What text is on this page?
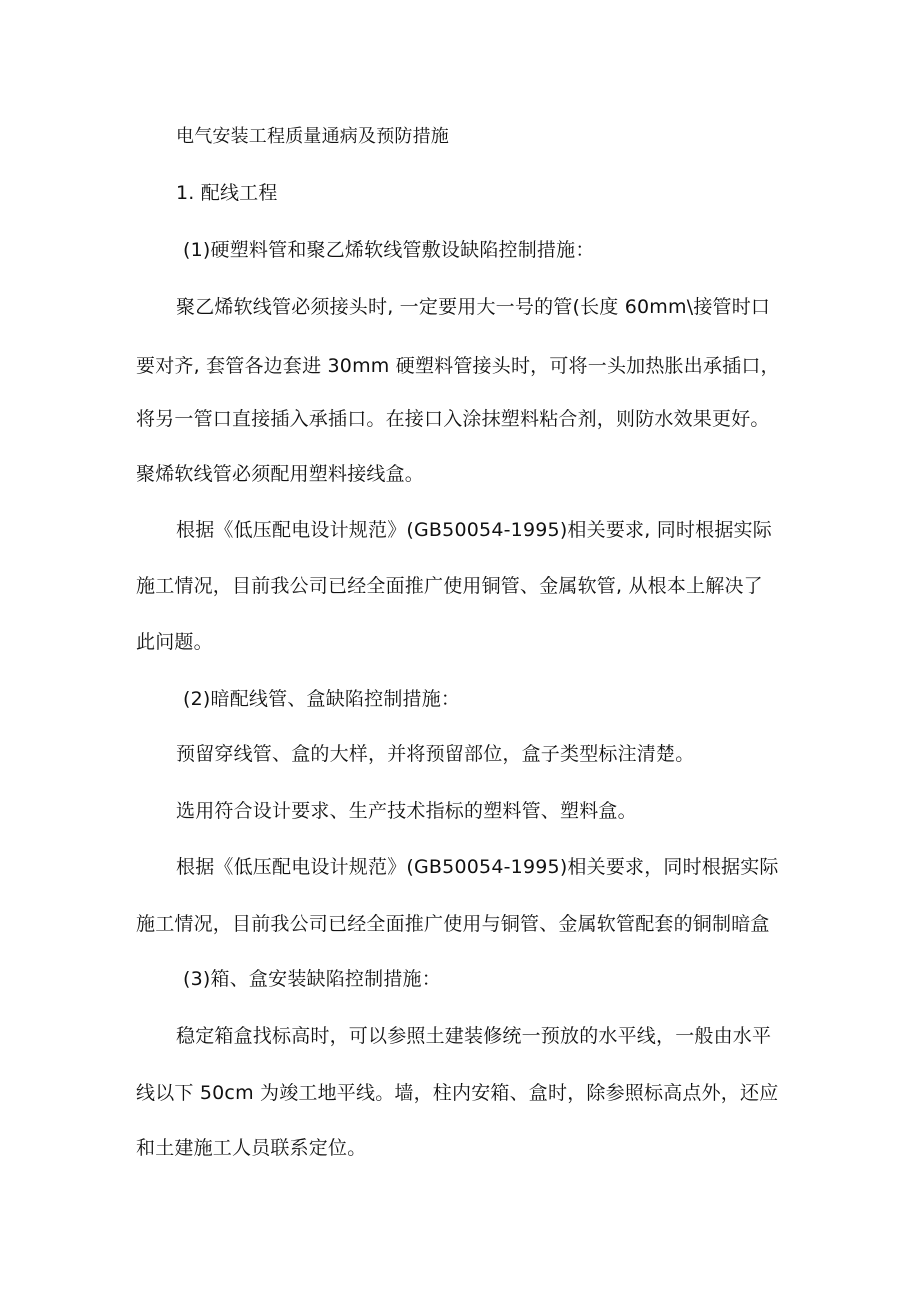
电气安装工程质量通病及预防措施
1. 配线工程
(1)硬塑料管和聚乙烯软线管敷设缺陷控制措施：
聚乙烯软线管必须接头时, 一定要用大一号的管(长度 60mm\接管时口
要对齐, 套管各边套进 30mm 硬塑料管接头时，可将一头加热胀出承插口，
将另一管口直接插入承插口。在接口入涂抹塑料粘合剂，则防水效果更好。
聚烯软线管必须配用塑料接线盒。
根据《低压配电设计规范》(GB50054-1995)相关要求, 同时根据实际
施工情况，目前我公司已经全面推广使用铜管、金属软管, 从根本上解决了
此问题。
(2)暗配线管、盒缺陷控制措施：
预留穿线管、盒的大样，并将预留部位，盒子类型标注清楚。
选用符合设计要求、生产技术指标的塑料管、塑料盒。
根据《低压配电设计规范》(GB50054-1995)相关要求，同时根据实际
施工情况，目前我公司已经全面推广使用与铜管、金属软管配套的铜制暗盒
(3)箱、盒安装缺陷控制措施：
稳定箱盒找标高时，可以参照土建装修统一预放的水平线，一般由水平
线以下 50cm 为竣工地平线。墙，柱内安箱、盒时，除参照标高点外，还应
和土建施工人员联系定位。
